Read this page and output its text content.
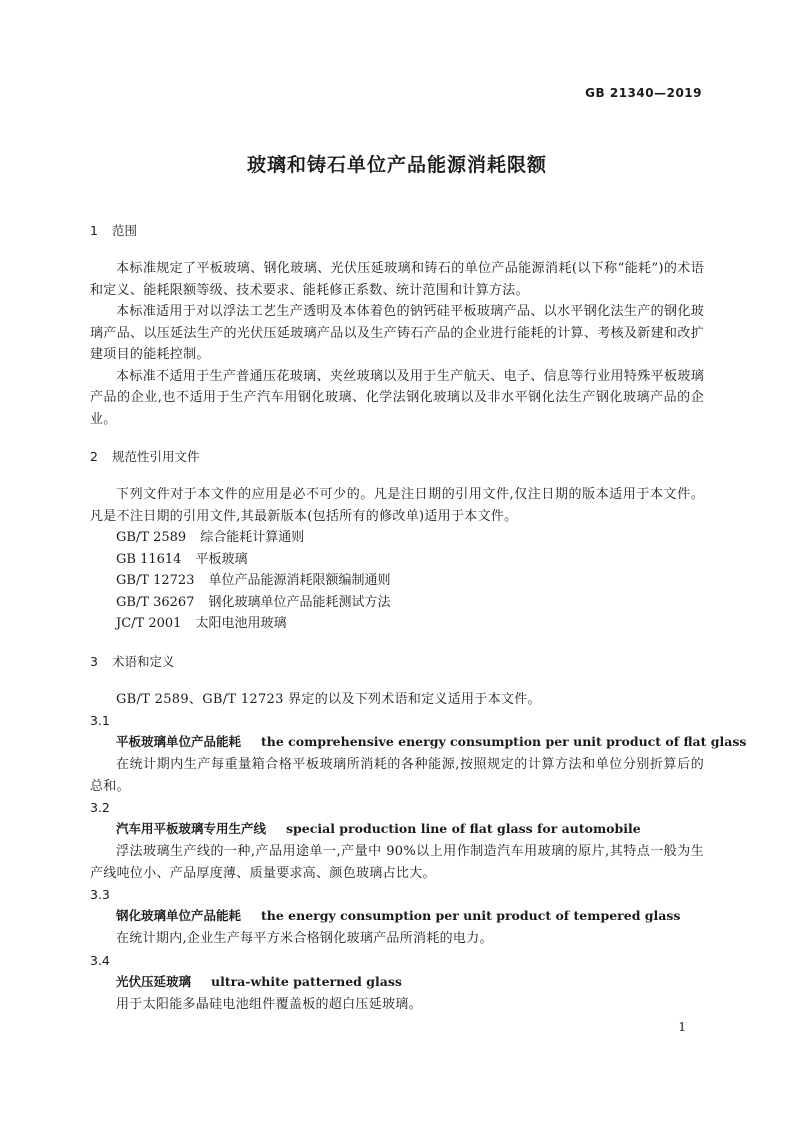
GB 21340—2019
玻璃和铸石单位产品能源消耗限额
1 范围

本标准规定了平板玻璃、钢化玻璃、光伏压延玻璃和铸石的单位产品能源消耗(以下称“能耗”)的术语和定义、能耗限额等级、技术要求、能耗修正系数、统计范围和计算方法。

本标准适用于对以浮法工艺生产透明及本体着色的钠钙硅平板玻璃产品、以水平钢化法生产的钢化玻璃产品、以压延法生产的光伏压延玻璃产品以及生产铸石产品的企业进行能耗的计算、考核及新建和改扩建项目的能耗控制。

本标准不适用于生产普通压花玻璃、夹丝玻璃以及用于生产航天、电子、信息等行业用特殊平板玻璃产品的企业,也不适用于生产汽车用钢化玻璃、化学法钢化玻璃以及非水平钢化法生产钢化玻璃产品的企业。

2 规范性引用文件

下列文件对于本文件的应用是必不可少的。凡是注日期的引用文件,仅注日期的版本适用于本文件。凡是不注日期的引用文件,其最新版本(包括所有的修改单)适用于本文件。

GB/T 2589 综合能耗计算通则

GB 11614 平板玻璃

GB/T 12723 单位产品能源消耗限额编制通则

GB/T 36267 钢化玻璃单位产品能耗测试方法

JC/T 2001 太阳电池用玻璃

3 术语和定义

GB/T 2589、GB/T 12723 界定的以及下列术语和定义适用于本文件。

3.1

平板玻璃单位产品能耗 the comprehensive energy consumption per unit product of flat glass

在统计期内生产每重量箱合格平板玻璃所消耗的各种能源,按照规定的计算方法和单位分别折算后的总和。

3.2

汽车用平板玻璃专用生产线 special production line of flat glass for automobile

浮法玻璃生产线的一种,产品用途单一,产量中 90%以上用作制造汽车用玻璃的原片,其特点一般为生产线吨位小、产品厚度薄、质量要求高、颜色玻璃占比大。

3.3

钢化玻璃单位产品能耗 the energy consumption per unit product of tempered glass

在统计期内,企业生产每平方米合格钢化玻璃产品所消耗的电力。

3.4

光伏压延玻璃 ultra-white patterned glass

用于太阳能多晶硅电池组件覆盖板的超白压延玻璃。

1
